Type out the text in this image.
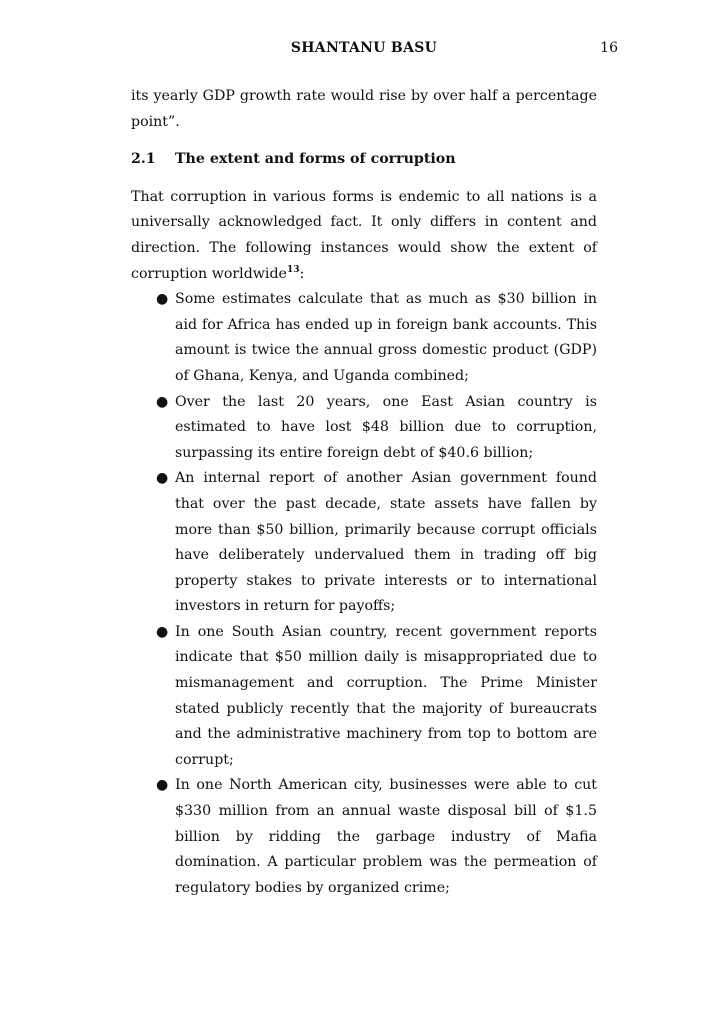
SHANTANU BASU	16

its yearly GDP growth rate would rise by over half a percentage point”.

2.1 The extent and forms of corruption

That corruption in various forms is endemic to all nations is a universally acknowledged fact. It only differs in content and direction. The following instances would show the extent of corruption worldwide$^{13}$:

● Some estimates calculate that as much as $30 billion in aid for Africa has ended up in foreign bank accounts. This amount is twice the annual gross domestic product (GDP) of Ghana, Kenya, and Uganda combined;
● Over the last 20 years, one East Asian country is estimated to have lost $48 billion due to corruption, surpassing its entire foreign debt of $40.6 billion;
● An internal report of another Asian government found that over the past decade, state assets have fallen by more than $50 billion, primarily because corrupt officials have deliberately undervalued them in trading off big property stakes to private interests or to international investors in return for payoffs;
● In one South Asian country, recent government reports indicate that $50 million daily is misappropriated due to mismanagement and corruption. The Prime Minister stated publicly recently that the majority of bureaucrats and the administrative machinery from top to bottom are corrupt;
● In one North American city, businesses were able to cut $330 million from an annual waste disposal bill of $1.5 billion by ridding the garbage industry of Mafia domination. A particular problem was the permeation of regulatory bodies by organized crime;
